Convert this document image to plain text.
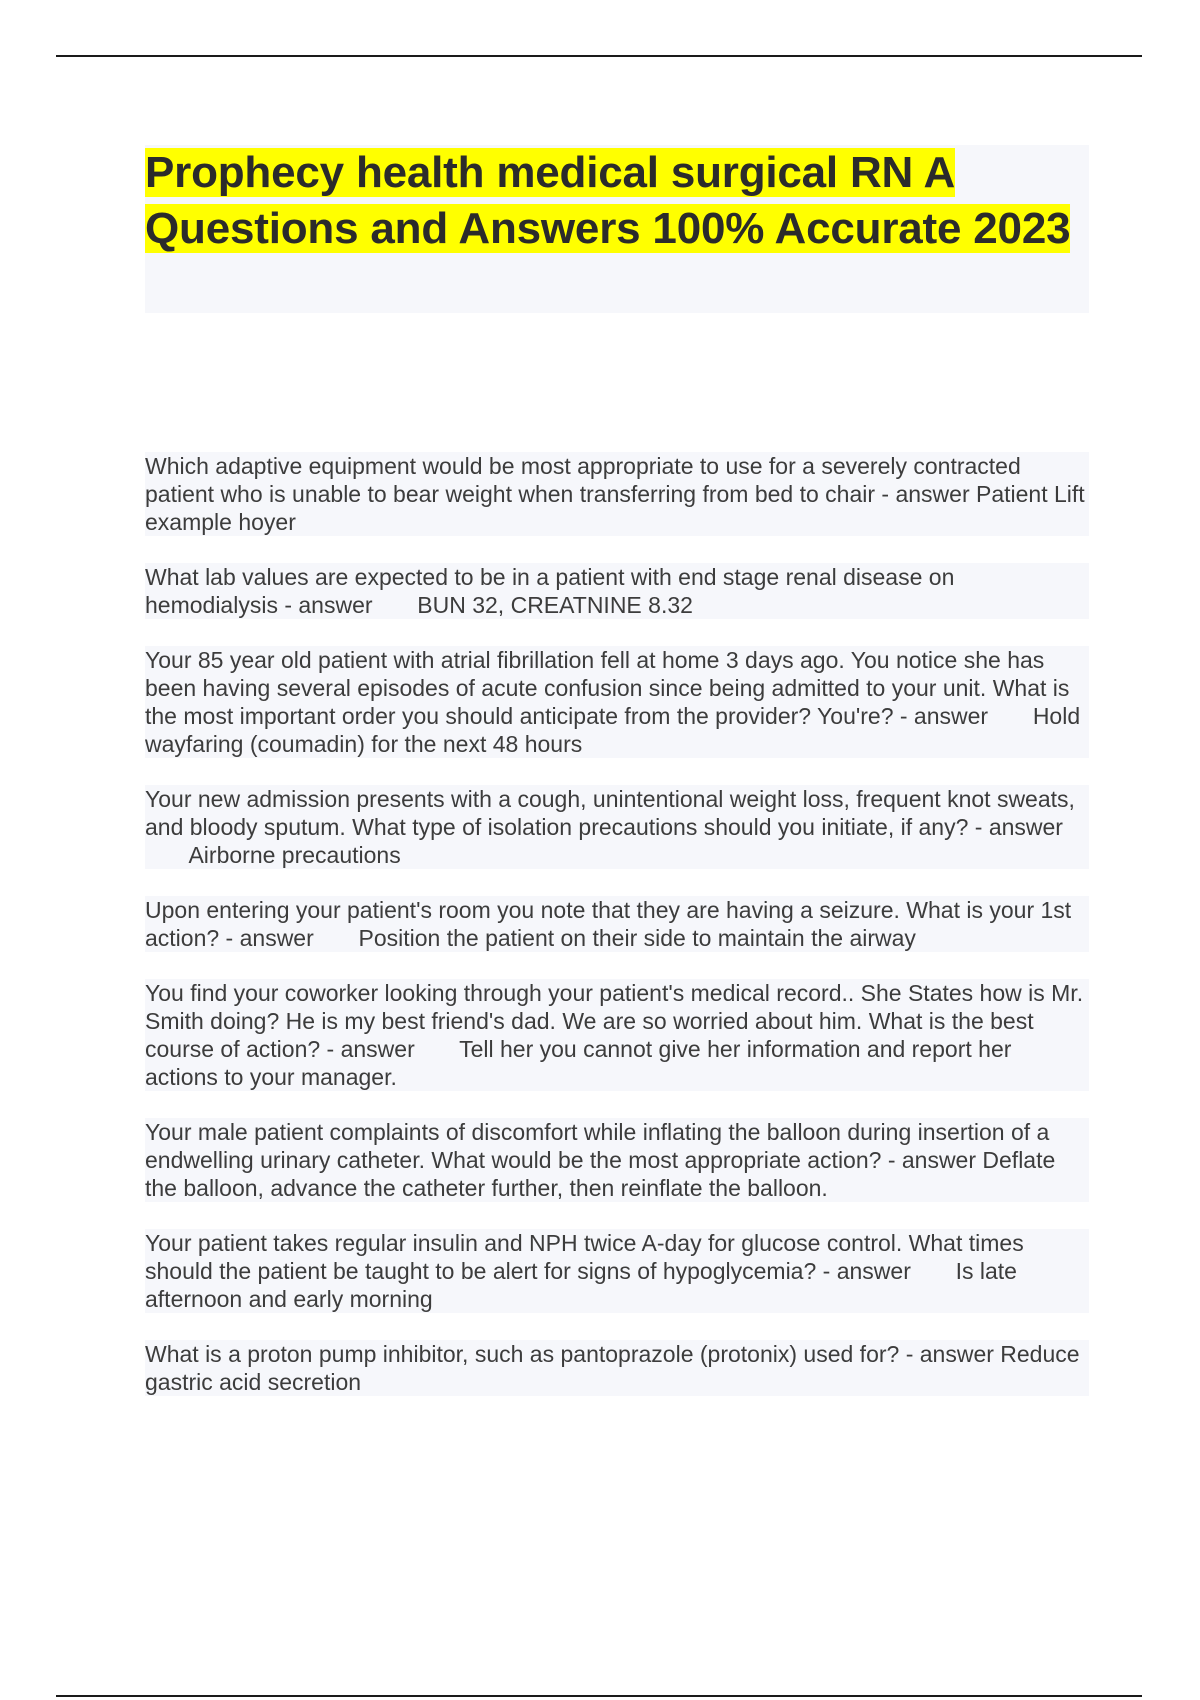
Prophecy health medical surgical RN A Questions and Answers 100% Accurate 2023

Which adaptive equipment would be most appropriate to use for a severely contracted patient who is unable to bear weight when transferring from bed to chair - answer Patient Lift example hoyer

What lab values are expected to be in a patient with end stage renal disease on hemodialysis - answer BUN 32, CREATNINE 8.32

Your 85 year old patient with atrial fibrillation fell at home 3 days ago. You notice she has been having several episodes of acute confusion since being admitted to your unit. What is the most important order you should anticipate from the provider? You're? - answer Hold wayfaring (coumadin) for the next 48 hours

Your new admission presents with a cough, unintentional weight loss, frequent knot sweats, and bloody sputum. What type of isolation precautions should you initiate, if any? - answer       Airborne precautions

Upon entering your patient's room you note that they are having a seizure. What is your 1st action? - answer Position the patient on their side to maintain the airway

You find your coworker looking through your patient's medical record.. She States how is Mr. Smith doing? He is my best friend's dad. We are so worried about him. What is the best course of action? - answer Tell her you cannot give her information and report her actions to your manager.

Your male patient complaints of discomfort while inflating the balloon during insertion of a endwelling urinary catheter. What would be the most appropriate action? - answer Deflate the balloon, advance the catheter further, then reinflate the balloon.

Your patient takes regular insulin and NPH twice A-day for glucose control. What times should the patient be taught to be alert for signs of hypoglycemia? - answer Is late afternoon and early morning

What is a proton pump inhibitor, such as pantoprazole (protonix) used for? - answer Reduce gastric acid secretion
